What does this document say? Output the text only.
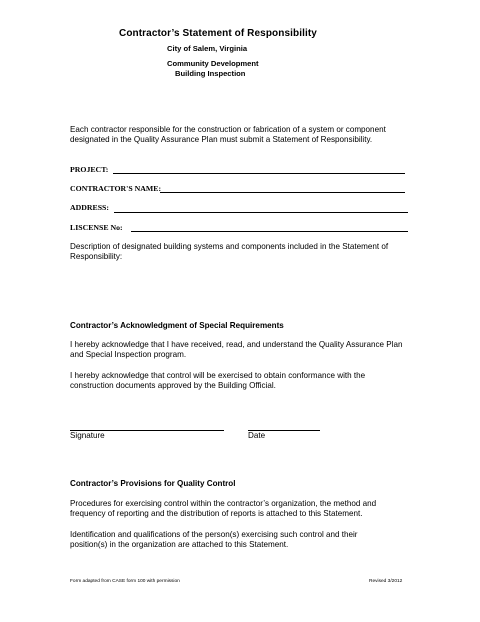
Contractor’s Statement of Responsibility
City of Salem, Virginia
Community Development
Building Inspection
Each contractor responsible for the construction or fabrication of a system or component designated in the Quality Assurance Plan must submit a Statement of Responsibility.
PROJECT:
CONTRACTOR'S NAME:
ADDRESS:
LISCENSE No:
Description of designated building systems and components included in the Statement of Responsibility:
Contractor’s Acknowledgment of Special Requirements
I hereby acknowledge that I have received, read, and understand the Quality Assurance Plan and Special Inspection program.
I hereby acknowledge that control will be exercised to obtain conformance with the construction documents approved by the Building Official.
Signature	Date
Contractor’s Provisions for Quality Control
Procedures for exercising control within the contractor’s organization, the method and frequency of reporting and the distribution of reports is attached to this Statement.
Identification and qualifications of the person(s) exercising such control and their position(s) in the organization are attached to this Statement.
Form adapted from CASE form 100 with permission	Revised 3/2012
